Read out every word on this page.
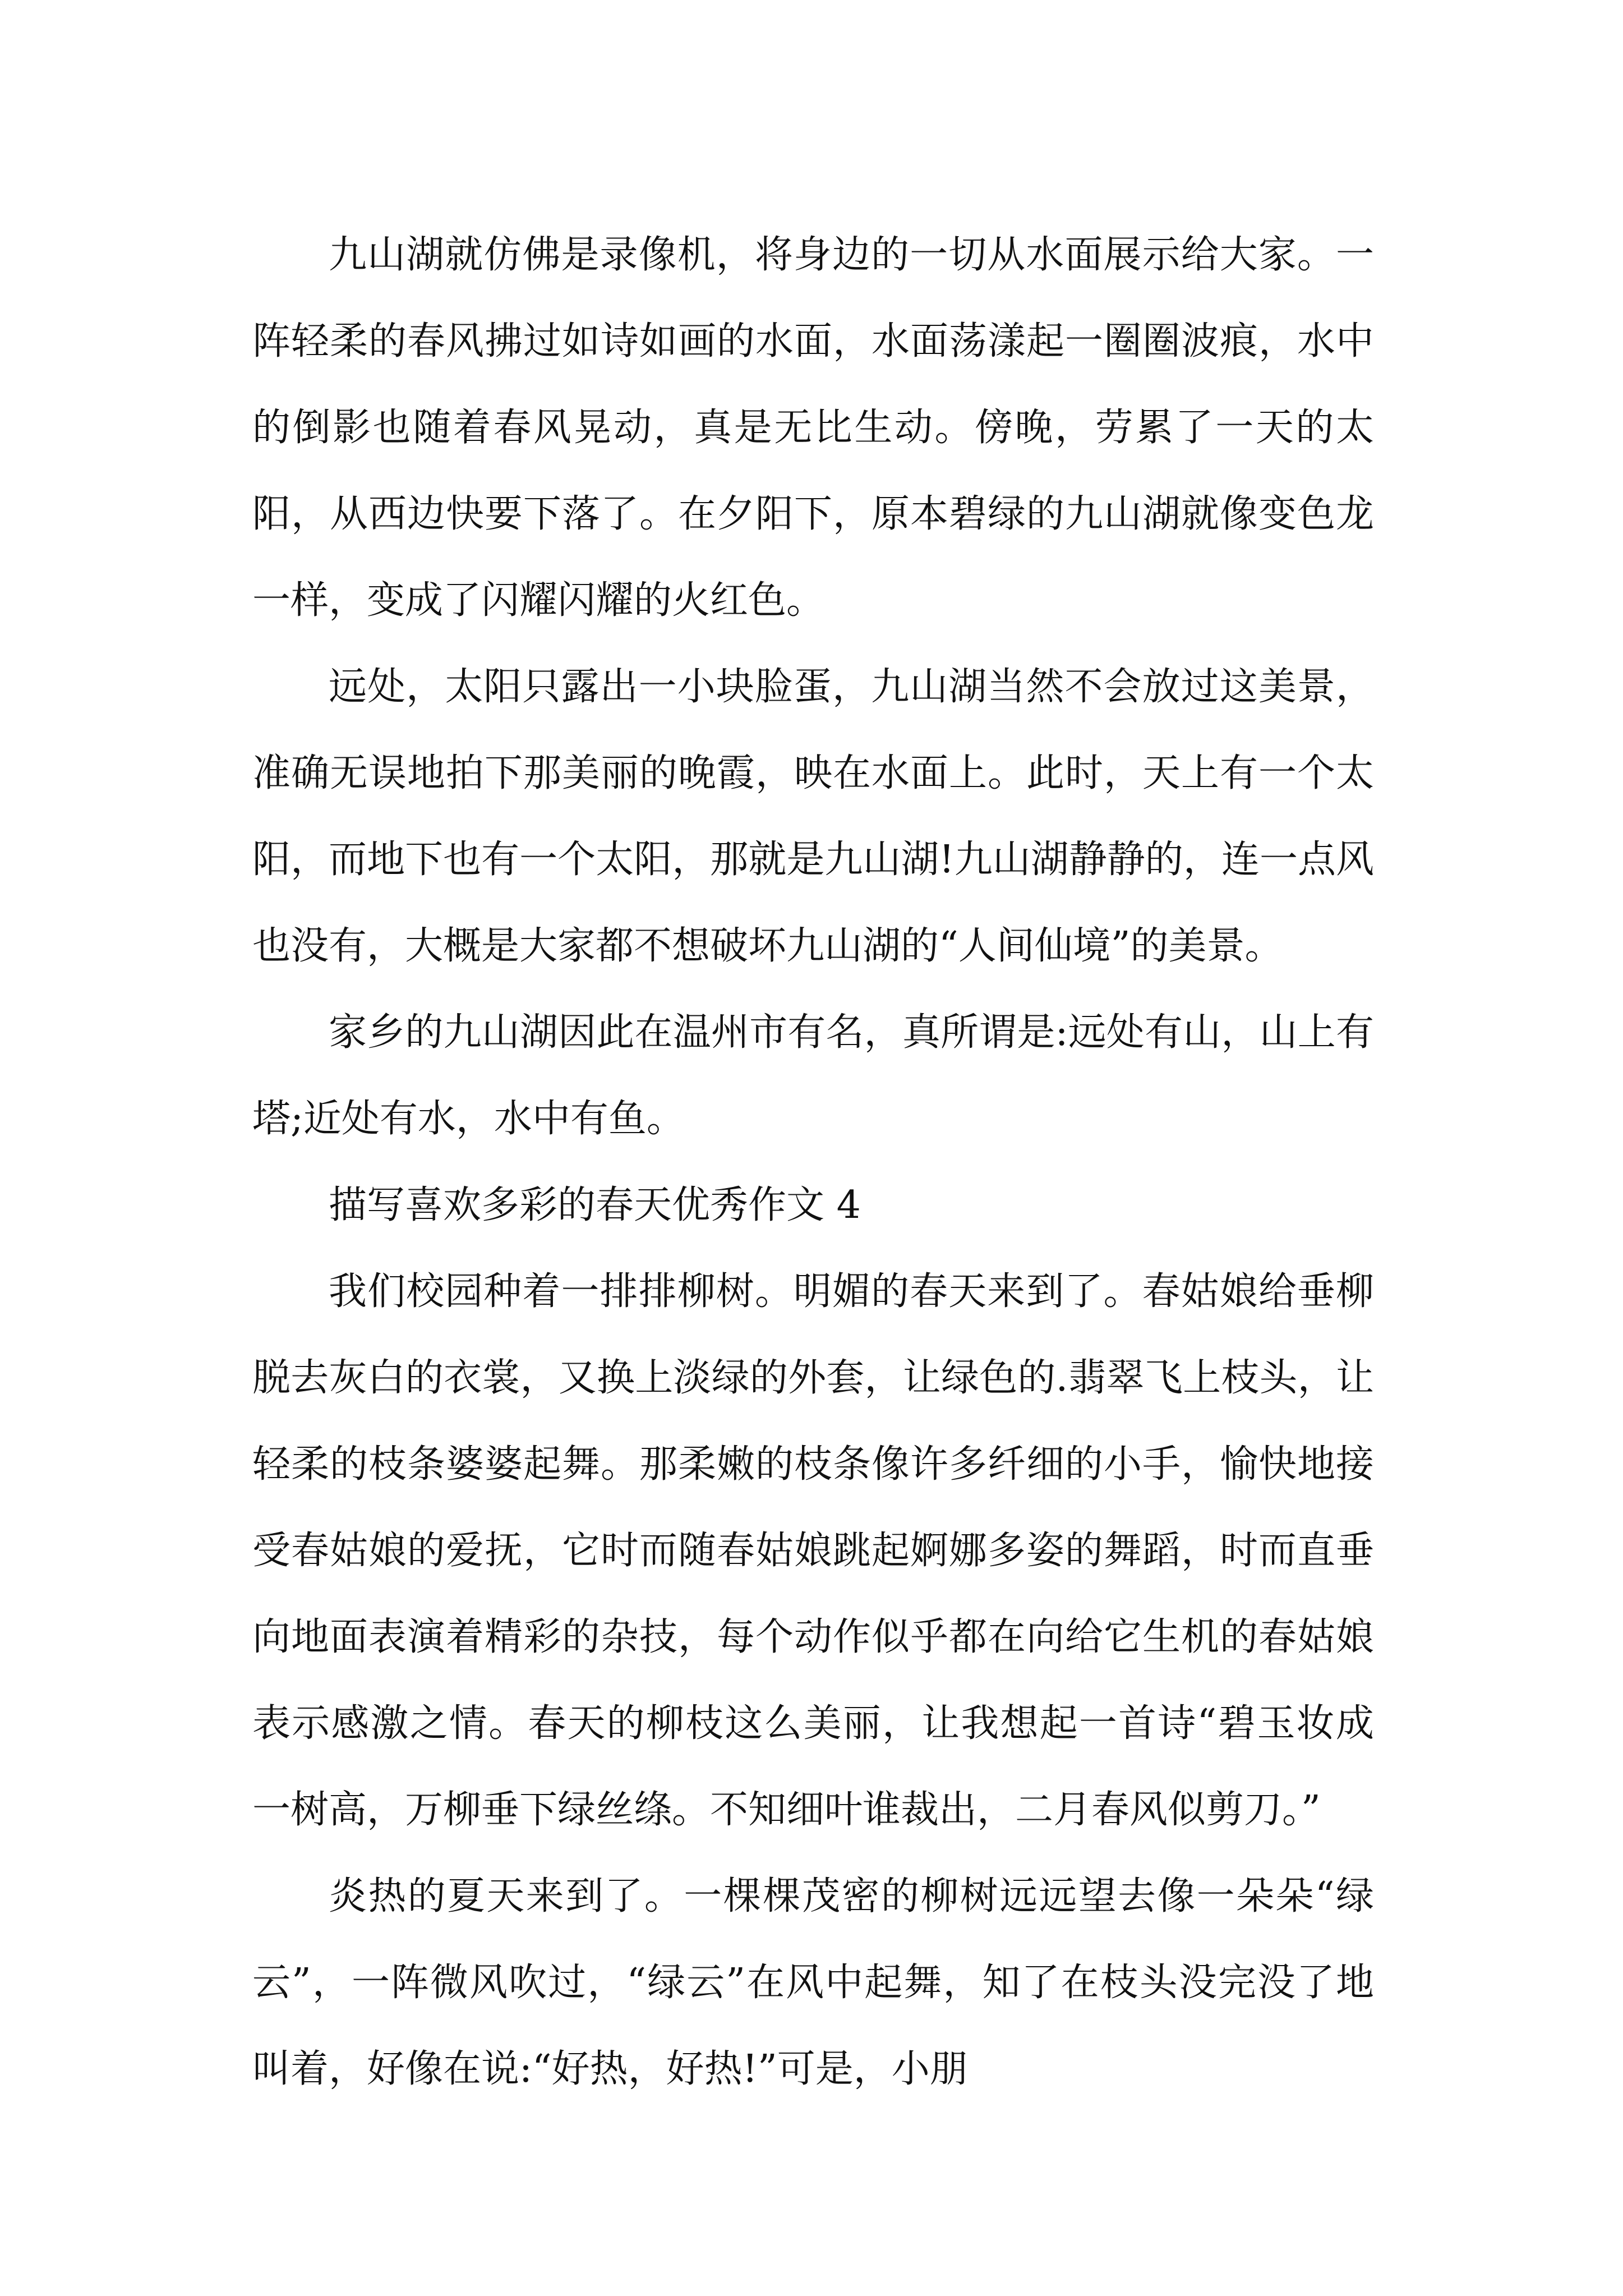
九山湖就仿佛是录像机，将身边的一切从水面展示给大家。一阵轻柔的春风拂过如诗如画的水面，水面荡漾起一圈圈波痕，水中的倒影也随着春风晃动，真是无比生动。傍晚，劳累了一天的太阳，从西边快要下落了。在夕阳下，原本碧绿的九山湖就像变色龙一样，变成了闪耀闪耀的火红色。

远处，太阳只露出一小块脸蛋，九山湖当然不会放过这美景，准确无误地拍下那美丽的晚霞，映在水面上。此时，天上有一个太阳，而地下也有一个太阳，那就是九山湖!九山湖静静的，连一点风也没有，大概是大家都不想破坏九山湖的“人间仙境”的美景。

家乡的九山湖因此在温州市有名，真所谓是:远处有山，山上有塔;近处有水，水中有鱼。

描写喜欢多彩的春天优秀作文 4

我们校园种着一排排柳树。明媚的春天来到了。春姑娘给垂柳脱去灰白的衣裳，又换上淡绿的外套，让绿色的.翡翠飞上枝头，让轻柔的枝条婆婆起舞。那柔嫩的枝条像许多纤细的小手，愉快地接受春姑娘的爱抚，它时而随春姑娘跳起婀娜多姿的舞蹈，时而直垂向地面表演着精彩的杂技，每个动作似乎都在向给它生机的春姑娘表示感激之情。春天的柳枝这么美丽，让我想起一首诗“碧玉妆成一树高，万柳垂下绿丝绦。不知细叶谁裁出，二月春风似剪刀。”

炎热的夏天来到了。一棵棵茂密的柳树远远望去像一朵朵“绿云”，一阵微风吹过，“绿云”在风中起舞，知了在枝头没完没了地叫着，好像在说:“好热，好热!”可是，小朋
